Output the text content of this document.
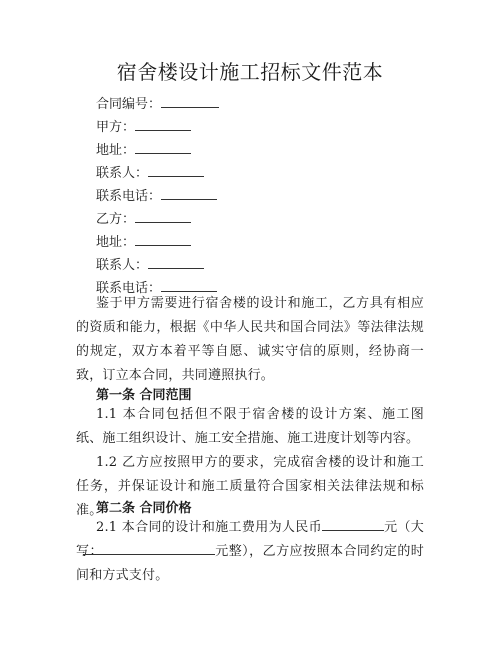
宿舍楼设计施工招标文件范本
合同编号：
甲方：
地址：
联系人：
联系电话：
乙方：
地址：
联系人：
联系电话：
鉴于甲方需要进行宿舍楼的设计和施工，乙方具有相应的资质和能力，根据《中华人民共和国合同法》等法律法规的规定，双方本着平等自愿、诚实守信的原则，经协商一致，订立本合同，共同遵照执行。
第一条 合同范围
1.1 本合同包括但不限于宿舍楼的设计方案、施工图纸、施工组织设计、施工安全措施、施工进度计划等内容。
1.2 乙方应按照甲方的要求，完成宿舍楼的设计和施工任务，并保证设计和施工质量符合国家相关法律法规和标准。
第二条 合同价格
2.1 本合同的设计和施工费用为人民币	元（大写：	元整），乙方应按照本合同约定的时间和方式支付。
